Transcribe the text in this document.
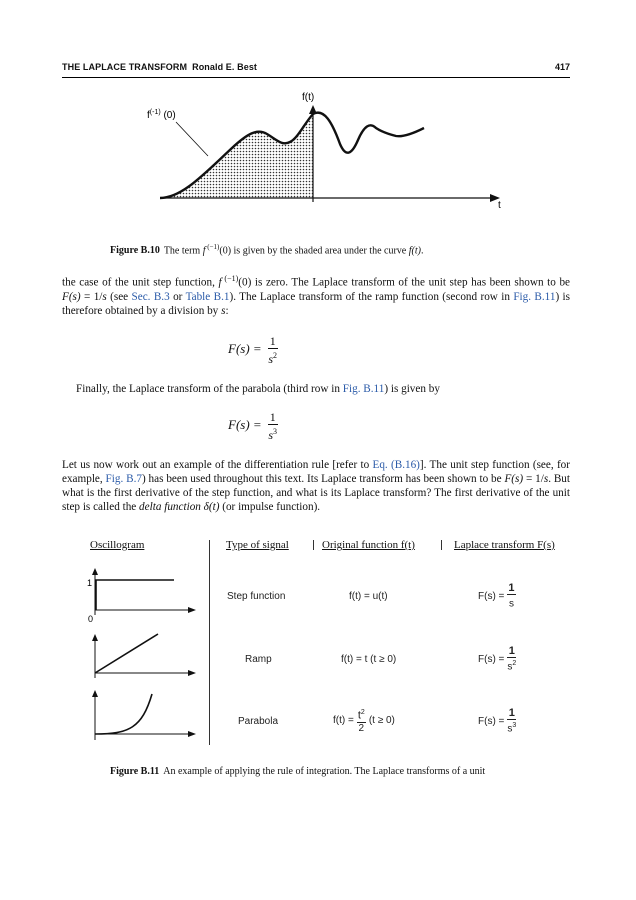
THE LAPLACE TRANSFORM Ronald E. Best	417
f(t)
t
$f^{(-1)}$ (0)
Figure B.10 The term f $^{(-1)}$(0) is given by the shaded area under the curve f(t).
the case of the unit step function, f $^{(-1)}$(0) is zero. The Laplace transform of the unit step has been shown to be F(s) = 1/s (see Sec. B.3 or Table B.1). The Laplace transform of the ramp function (second row in Fig. B.11) is therefore obtained by a division by s:
$F(s) = \frac{1}{s^2}$
Finally, the Laplace transform of the parabola (third row in Fig. B.11) is given by
$F(s) = \frac{1}{s^3}$
Let us now work out an example of the differentiation rule [refer to Eq. (B.16)]. The unit step function (see, for example, Fig. B.7) has been used throughout this text. Its Laplace transform has been shown to be F(s) = 1/s. But what is the first derivative of the step function, and what is its Laplace transform? The first derivative of the unit step is called the delta function δ(t) (or impulse function).
Oscillogram	Type of signal	Original function f(t)	Laplace transform F(s)
1
0
Step function	f(t) = u(t)	$F(s) = \frac{1}{s}$
Ramp	f(t) = t (t ≥ 0)	$F(s) = \frac{1}{s^2}$
Parabola	$f(t) = \frac{t^2}{2} (t \ge 0)$	$F(s) = \frac{1}{s^3}$
Figure B.11 An example of applying the rule of integration. The Laplace transforms of a unit
